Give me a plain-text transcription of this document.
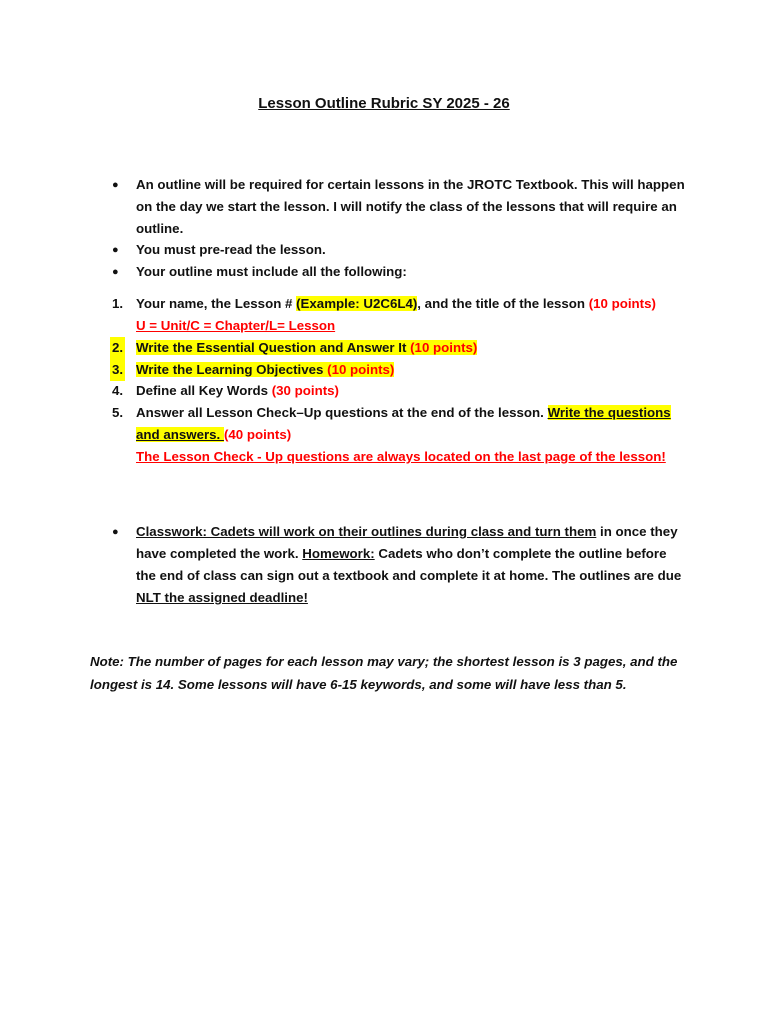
Lesson Outline Rubric SY 2025 - 26
● An outline will be required for certain lessons in the JROTC Textbook. This will happen
on the day we start the lesson. I will notify the class of the lessons that will require an
outline.
● You must pre-read the lesson.
● Your outline must include all the following:
1. Your name, the Lesson # (Example: U2C6L4), and the title of the lesson (10 points)
U = Unit/C = Chapter/L= Lesson
2. Write the Essential Question and Answer It (10 points)
3. Write the Learning Objectives (10 points)
4. Define all Key Words (30 points)
5. Answer all Lesson Check–Up questions at the end of the lesson. Write the questions
and answers. (40 points)
The Lesson Check - Up questions are always located on the last page of the lesson!
● Classwork: Cadets will work on their outlines during class and turn them in once they
have completed the work. Homework: Cadets who don’t complete the outline before
the end of class can sign out a textbook and complete it at home. The outlines are due
NLT the assigned deadline!
Note: The number of pages for each lesson may vary; the shortest lesson is 3 pages, and the
longest is 14. Some lessons will have 6-15 keywords, and some will have less than 5.
